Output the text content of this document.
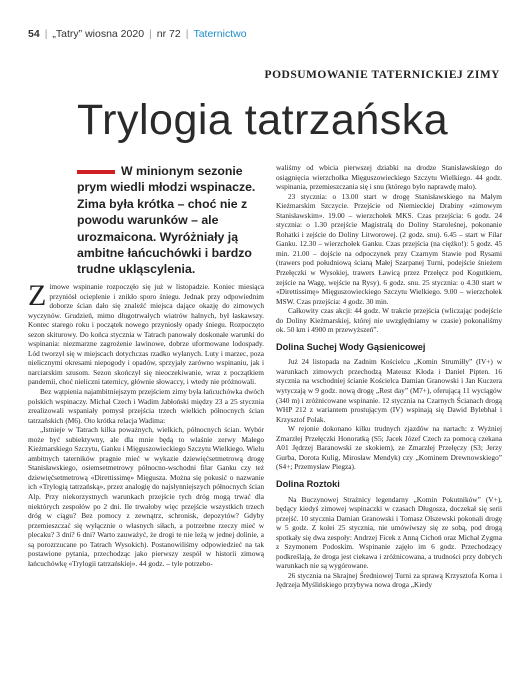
54 | „Tatry” wiosna 2020 | nr 72 | Taternictwo
PODSUMOWANIE TATERNICKIEJ ZIMY
Trylogia tatrzańska
W minionym sezonie prym wiedli młodzi wspinacze. Zima była krótka – choć nie z powodu warunków – ale urozmaicona. Wyróżniały ją ambitne łańcuchówki i bardzo trudne ukląscylenia.

Zimowe wspinanie rozpoczęło się już w listopadzie. Koniec miesiąca przyniósł ocieplenie i znikło sporo śniegu. Jednak przy odpowiednim doborze ścian dało się znaleźć miejsca dające okazję do zimowych wyczynów. Grudzień, mimo długotrwałych wiatrów halnych, był łaskawszy. Kontec starego roku i początek nowego przyniosły opady śniegu. Rozpoczęto sezon skiturowy. Do końca stycznia w Tatrach panowały doskonałe warunki do wspinania: niezmarzne zagrożenie lawinowe, dobrze uformowane lodospady. Lód tworzył się w miejscach dotychczas rzadko wyłanych. Luty i marzec, poza nielicznymi okresami niepogody i opadów, sprzyjały zarówno wspinaniu, jak i narciarskim szusom. Sezon skończył się nieoczekiwanie, wraz z początkiem pandemii, choć nieliczni taternicy, głównie słowaccy, i wtedy nie próżnowali.

Bez wątpienia najambitniejszym przejściem zimy była łańcuchówka dwóch polskich wspinaczy. Michał Czech i Wadim Jabłoński między 23 a 25 stycznia zrealizowali wspaniały pomysł przejścia trzech wielkich północnych ścian tatrzańskich (M6). Oto krótka relacja Wadima:

„Istnieje w Tatrach kilka poważnych, wielkich, północnych ścian. Wybór może być subiektywny, ale dla mnie będą to właśnie zerwy Małego Kieżmarskiego Szczytu, Ganku i Mięguszowieckiego Szczytu Wielkiego. Wielu ambitnych taterników pragnie mieć w wykazie dziewięćsetmetrową drogę Stanisławskiego, osiemsetmetrowy północno-wschodni filar Ganku czy też dziewięćsetmetrową «Direttissimę» Mięgusza. Można się pokusić o nazwanie ich «Trylogią tatrzańską», przez analogię do najsłynniejszych północnych ścian Alp. Przy niekorzystnych warunkach przejście tych dróg mogą trwać dla niektórych zespołów po 2 dni. Ile trwałoby więc przejście wszystkich trzech dróg w ciągu? Bez pomocy z zewnątrz, schronisk, depozytów? Gdyby przemieszczać się wyłącznie o własnych siłach, a potrzebne rzeczy mieć w plecaku? 3 dni? 6 dni? Warto zauważyć, że drogi te nie leżą w jednej dolinie, a są porozrzucane po Tatrach Wysokich). Postanowiliśmy odpowiedzieć na tak postawione pytania, przechodząc jako pierwszy zespół w historii zimową łańcuchówkę «Trylogii tatrzańskiej». 44 godz. – tyle potrzebo-

waliśmy od wbicia pierwszej dziabki na drodze Stanisławskiego do osiągnięcia wierzchołka Mięguszowieckiego Szczytu Wielkiego. 44 godz. wspinania, przemieszczania się i snu (którego było naprawdę mało).

23 stycznia: o 13.00 start w drogę Stanisławskiego na Małym Kieżmarskim Szczycie. Przejście od Niemieckiej Drabiny «zimowym Stanisławskim». 19.00 – wierzchołek MKS. Czas przejścia: 6 godz. 24 stycznia: o 1.30 przejście Magistralą do Doliny Staroleśnej, pokonanie Rohatki i zejście do Doliny Litworowej. (2 godz. snu). 6.45 – start w Filar Ganku. 12.30 – wierzchołek Ganku. Czas przejścia (na ciężko!): 5 godz. 45 min. 21.00 – dojście na odpoczynek przy Czarnym Stawie pod Rysami (trawers pod południową ścianą Małej Szarpanej Turni, podejście śnieżem Przełęczki w Wysokiej, trawers Ławicą przez Przełęcz pod Kogutkiem, zejście na Wagę, wejście na Rysy). 6 godz. snu. 25 stycznia: o 4.30 start w «Direttissimę» Mięguszowieckiego Szczytu Wielkiego. 9.00 – wierzchołek MSW. Czas przejścia: 4 godz. 30 min.

Całkowity czas akcji: 44 godz. W trakcie przejścia (wliczając podejście do Doliny Kieżmarskiej, której nie uwzględniamy w czasie) pokonaliśmy ok. 50 km i 4900 m przewyższeń”.

Dolina Suchej Wody Gąsienicowej

Już 24 listopada na Zadnim Kościelcu „Komin Strumiłły” (IV+) w warunkach zimowych przechodzą Mateusz Kłoda i Daniel Pipten. 16 stycznia na wschodniej ścianie Kościelca Damian Granowski i Jan Kuczera wytyczają w 9 godz. nową drogę „Rest day” (M7+), oferującą 11 wyciągów (340 m) i zróżnicowane wspinanie. 12 stycznia na Czarnych Ścianach drogą WHP 212 z wariantem prostującym (IV) wspinają się Dawid Bylebhał i Krzysztof Polak.

W rejonie dokonano kilku trudnych zjazdów na nartach: z Wyżniej Zmarzłej Przełęczki Honoratką (S5; Jacek Józef Czech za pomocą czekana A01 Jędrzej Baranowski ze skokiem), ze Zmarzłej Przełęczy (S3; Jerzy Gurba, Dorota Kulig, Mirosław Mendyk) czy „Kominem Drewnowskiego” (S4+; Przemysław Piegza).

Dolina Roztoki

Na Buczynowej Strażnicy legendarny „Komin Pokutników” (V+), będący kiedyś zimowej wspinaczki w czasach Długosza, doczekał się serii przejść. 10 stycznia Damian Granowski i Tomasz Olszewski pokonali drogę w 5 godz. Z kolei 25 stycznia, nie umówiwszy się ze sobą, pod drogą spotkały się dwa zespoły: Andrzej Ficek z Anną Cichoń oraz Michał Zygma z Szymonem Podoskim. Wspinanie zajęło im 6 godz. Przechodzący podkreślają, że droga jest ciekawa i zróżnicowana, a trudności przy dobrych warunkach nie są wygórowane.

26 stycznia na Skrajnej Średniowej Turni za sprawą Krzysztofa Korna i Jędrzeja Myślińskiego przybywa nowa droga „Kiedy
